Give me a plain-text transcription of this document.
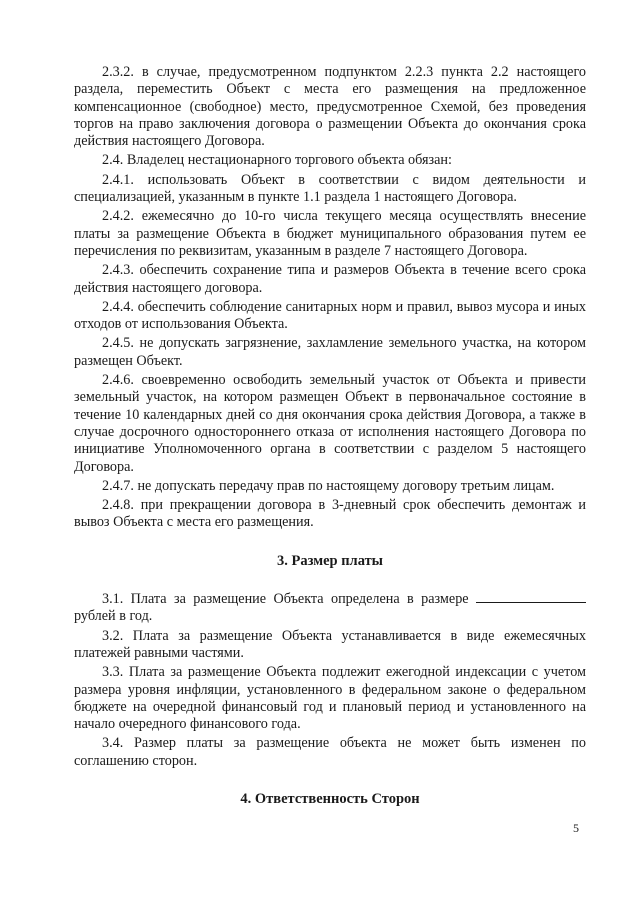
2.3.2. в случае, предусмотренном подпунктом 2.2.3 пункта 2.2 настоящего раздела, переместить Объект с места его размещения на предложенное компенсационное (свободное) место, предусмотренное Схемой, без проведения торгов на право заключения договора о размещении Объекта до окончания срока действия настоящего Договора.

2.4. Владелец нестационарного торгового объекта обязан:

2.4.1. использовать Объект в соответствии с видом деятельности и специализацией, указанным в пункте 1.1 раздела 1 настоящего Договора.

2.4.2. ежемесячно до 10-го числа текущего месяца осуществлять внесение платы за размещение Объекта в бюджет муниципального образования путем ее перечисления по реквизитам, указанным в разделе 7 настоящего Договора.

2.4.3. обеспечить сохранение типа и размеров Объекта в течение всего срока действия настоящего договора.

2.4.4. обеспечить соблюдение санитарных норм и правил, вывоз мусора и иных отходов от использования Объекта.

2.4.5. не допускать загрязнение, захламление земельного участка, на котором размещен Объект.

2.4.6. своевременно освободить земельный участок от Объекта и привести земельный участок, на котором размещен Объект в первоначальное состояние в течение 10 календарных дней со дня окончания срока действия Договора, а также в случае досрочного одностороннего отказа от исполнения настоящего Договора по инициативе Уполномоченного органа в соответствии с разделом 5 настоящего Договора.

2.4.7. не допускать передачу прав по настоящему договору третьим лицам.

2.4.8. при прекращении договора в 3-дневный срок обеспечить демонтаж и вывоз Объекта с места его размещения.

3. Размер платы

3.1. Плата за размещение Объекта определена в размере  рублей в год.

3.2. Плата за размещение Объекта устанавливается в виде ежемесячных платежей равными частями.

3.3. Плата за размещение Объекта подлежит ежегодной индексации с учетом размера уровня инфляции, установленного в федеральном законе о федеральном бюджете на очередной финансовый год и плановый период и установленного на начало очередного финансового года.

3.4. Размер платы за размещение объекта не может быть изменен по соглашению сторон.

4. Ответственность Сторон
5
